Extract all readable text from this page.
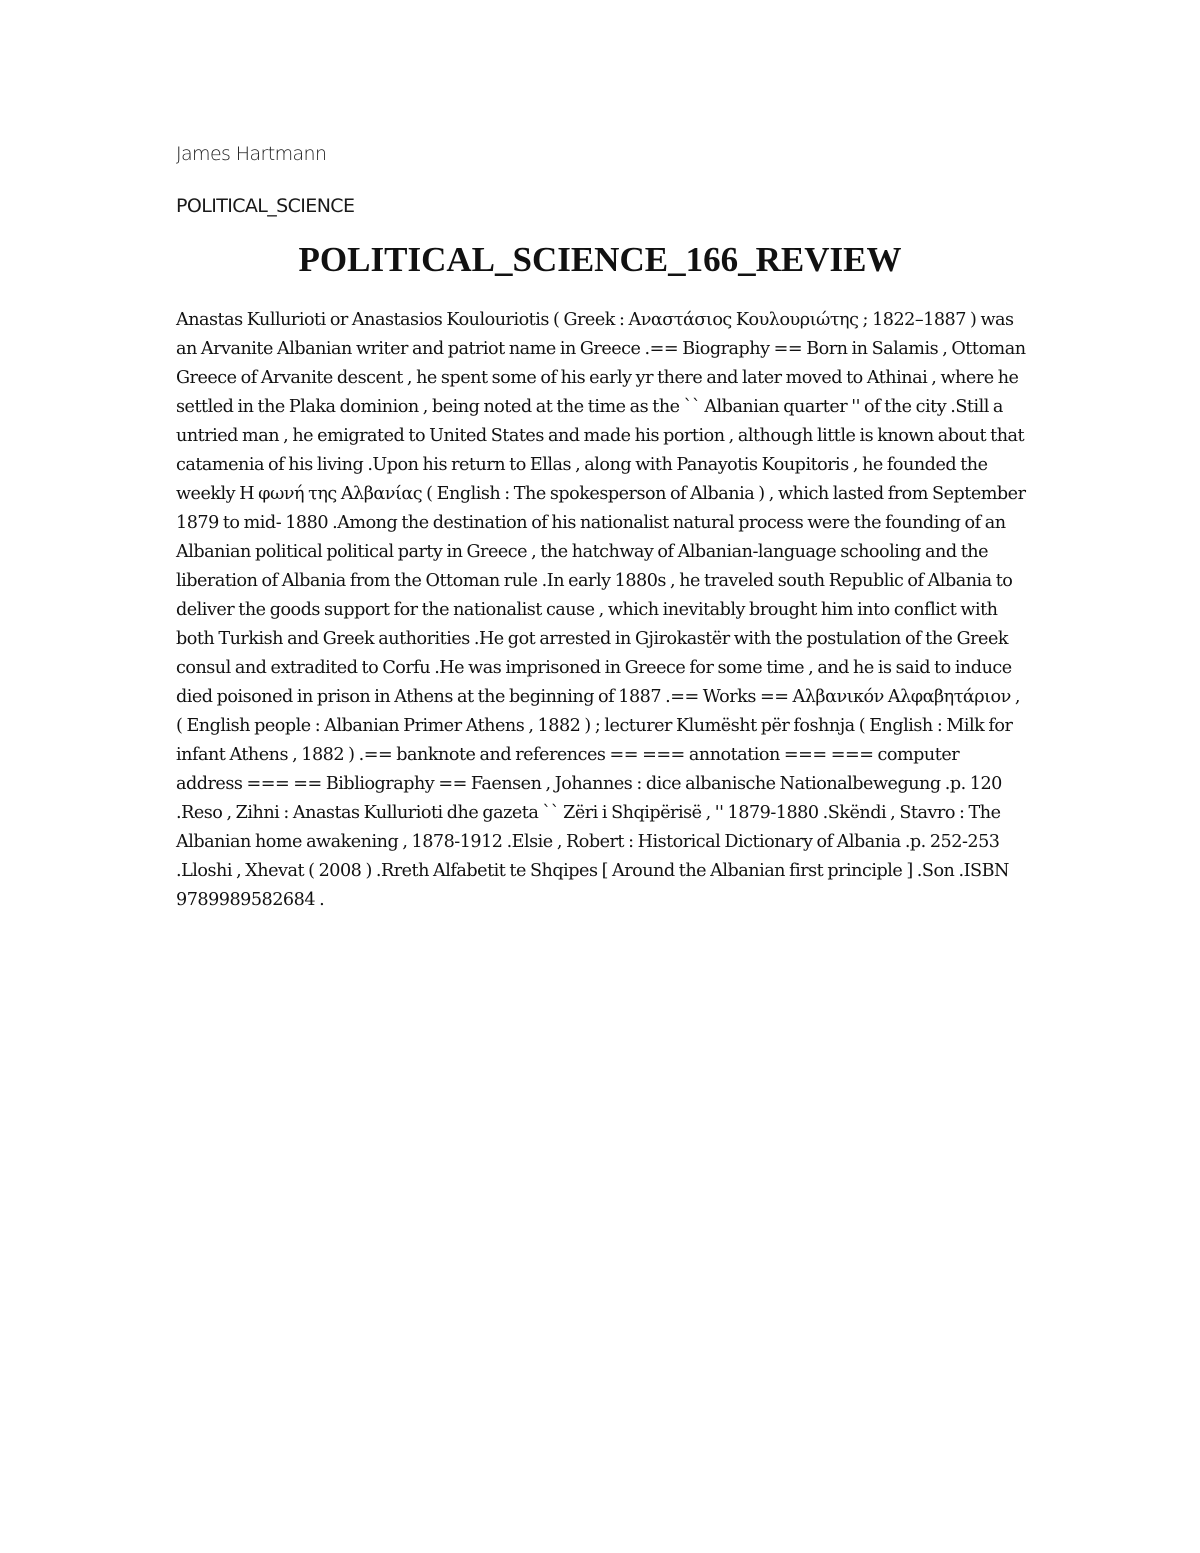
James Hartmann

POLITICAL_SCIENCE

POLITICAL_SCIENCE_166_REVIEW

Anastas Kullurioti or Anastasios Koulouriotis ( Greek : Αναστάσιος Κουλουριώτης ; 1822–1887 ) was an Arvanite Albanian writer and patriot name in Greece .== Biography == Born in Salamis , Ottoman Greece of Arvanite descent , he spent some of his early yr there and later moved to Athinai , where he settled in the Plaka dominion , being noted at the time as the `` Albanian quarter '' of the city .Still a untried man , he emigrated to United States and made his portion , although little is known about that catamenia of his living .Upon his return to Ellas , along with Panayotis Koupitoris , he founded the weekly Η φωνή της Αλβανίας ( English : The spokesperson of Albania ) , which lasted from September 1879 to mid- 1880 .Among the destination of his nationalist natural process were the founding of an Albanian political political party in Greece , the hatchway of Albanian-language schooling and the liberation of Albania from the Ottoman rule .In early 1880s , he traveled south Republic of Albania to deliver the goods support for the nationalist cause , which inevitably brought him into conflict with both Turkish and Greek authorities .He got arrested in Gjirokastër with the postulation of the Greek consul and extradited to Corfu .He was imprisoned in Greece for some time , and he is said to induce died poisoned in prison in Athens at the beginning of 1887 .== Works == Αλβανικόν Αλφαβητάριον , ( English people : Albanian Primer Athens , 1882 ) ; lecturer Klumësht për foshnja ( English : Milk for infant Athens , 1882 ) .== banknote and references == === annotation === === computer address === == Bibliography == Faensen , Johannes : dice albanische Nationalbewegung .p. 120 .Reso , Zihni : Anastas Kullurioti dhe gazeta `` Zëri i Shqipërisë , '' 1879-1880 .Skëndi , Stavro : The Albanian home awakening , 1878-1912 .Elsie , Robert : Historical Dictionary of Albania .p. 252-253 .Lloshi , Xhevat ( 2008 ) .Rreth Alfabetit te Shqipes [ Around the Albanian first principle ] .Son .ISBN 9789989582684 .
